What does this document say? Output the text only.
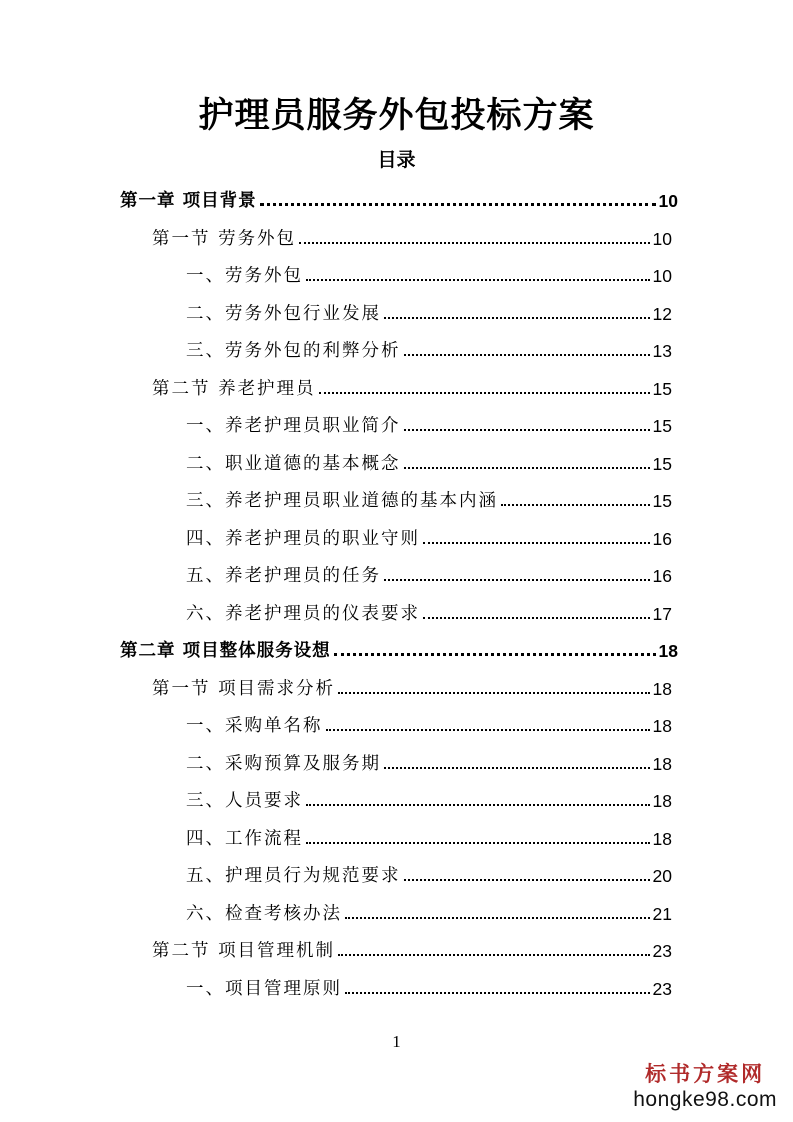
护理员服务外包投标方案
目录
第一章 项目背景	10
第一节 劳务外包	10
一、劳务外包	10
二、劳务外包行业发展	12
三、劳务外包的利弊分析	13
第二节 养老护理员	15
一、养老护理员职业简介	15
二、职业道德的基本概念	15
三、养老护理员职业道德的基本内涵	15
四、养老护理员的职业守则	16
五、养老护理员的任务	16
六、养老护理员的仪表要求	17
第二章 项目整体服务设想	18
第一节 项目需求分析	18
一、采购单名称	18
二、采购预算及服务期	18
三、人员要求	18
四、工作流程	18
五、护理员行为规范要求	20
六、检查考核办法	21
第二节 项目管理机制	23
一、项目管理原则	23
1
标书方案网
hongke98.com
